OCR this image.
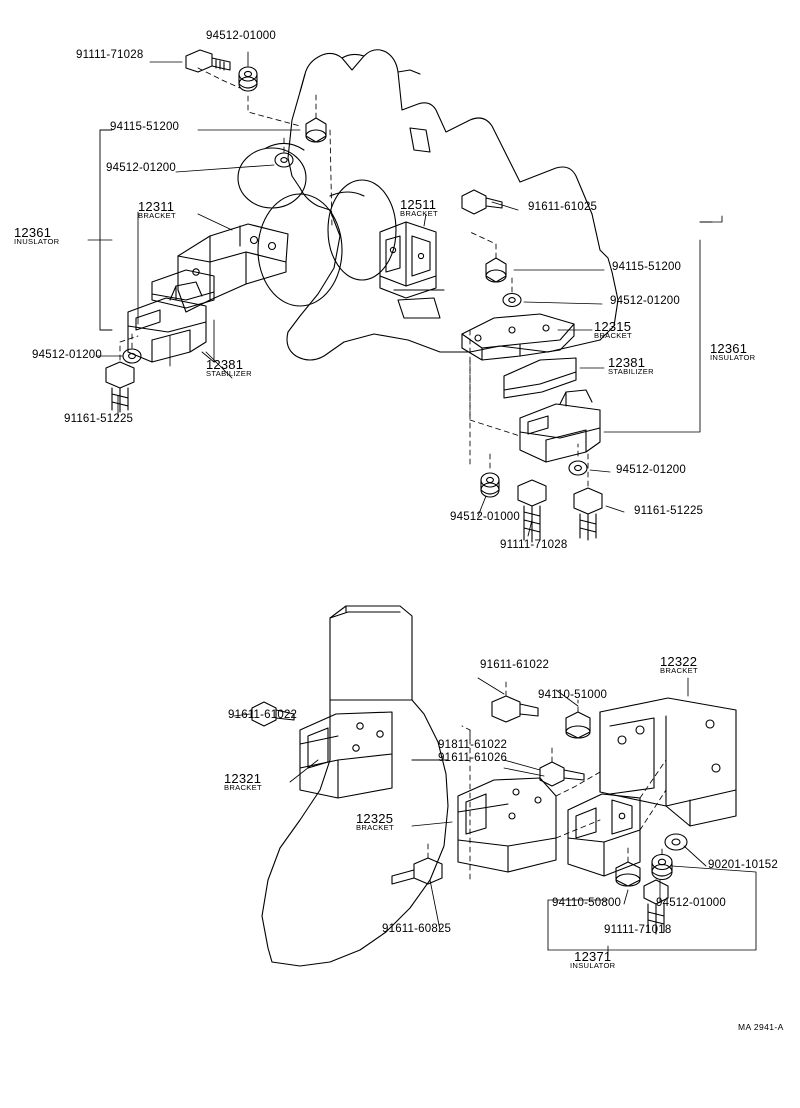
91111-71028
94512-01000
94115-51200
94512-01200
12311
BRACKET
12511
BRACKET
91611-61025
94115-51200
94512-01200
12361
INUSLATOR
12315
BRACKET
12381
STABILIZER
12361
INSULATOR
94512-01200
12381
STABILIZER
91161-51225
94512-01200
94512-01000
91161-51225
91111-71028
91611-61022
94110-51000
12322
BRACKET
91611-61022
91811-61022
91611-61026
12321
BRACKET
12325
BRACKET
90201-10152
94512-01000
94110-50800
91111-71018
91611-60825
12371
INSULATOR
MA 2941-A
